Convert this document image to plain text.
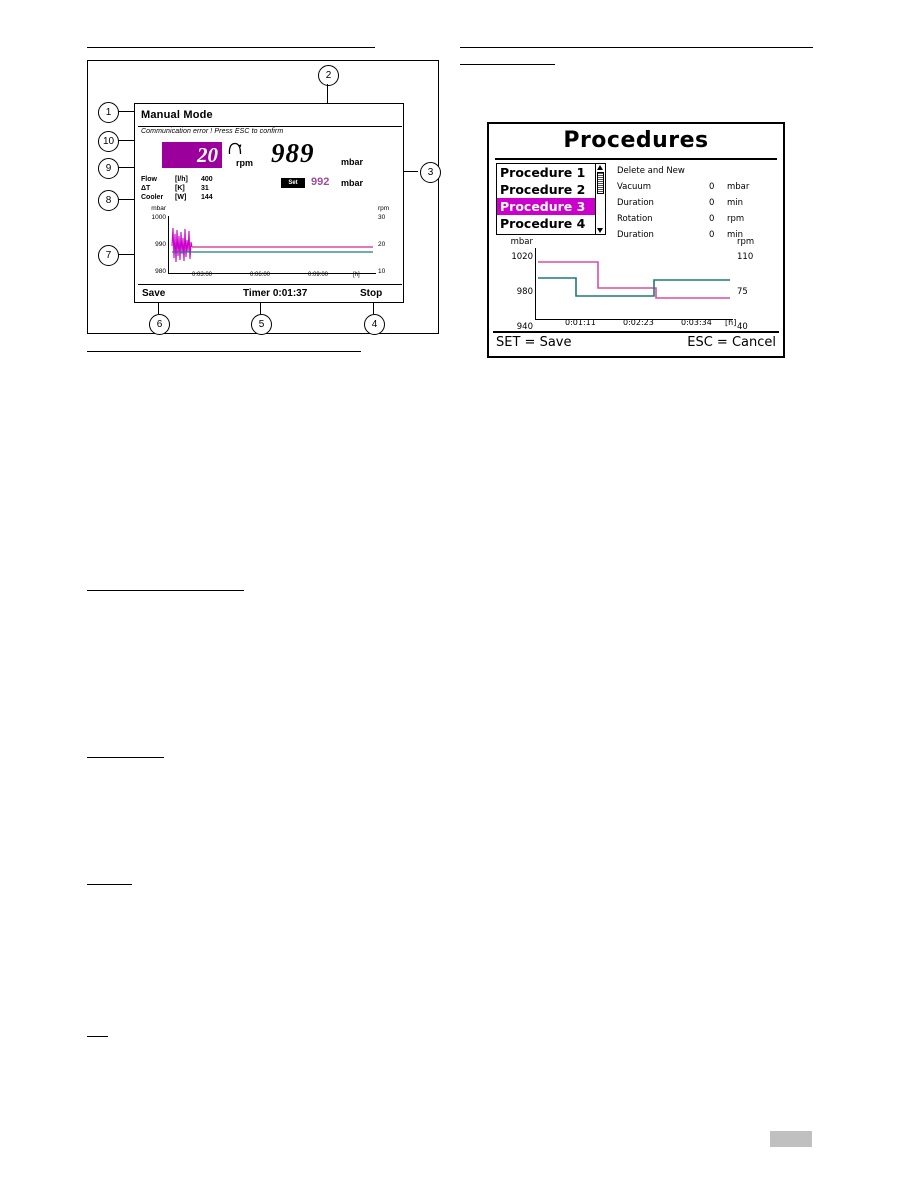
1
2
10
9
8
7
6	5	4
3
Manual Mode
Communication error ! Press ESC to confirm
20	rpm 989	mbar
Set	992 mbar
Flow	[l/h] 400
ΔT	[K] 31
Cooler [W] 144
mbar
1000
990
980
rpm
30
20
10
0:03:00	0:06:00	0:09:00	[h]
Save	Timer 0:01:37	Stop
Procedures
Procedure 1
Procedure 2
Procedure 3
Procedure 4
Delete and New
Vacuum	0 mbar
Duration	0 min
Rotation	0 rpm
Duration	0 min
mbar
1020
980
940
rpm
110
75
40
0:01:11	0:02:23	0:03:34 [h]
SET = Save	ESC = Cancel
